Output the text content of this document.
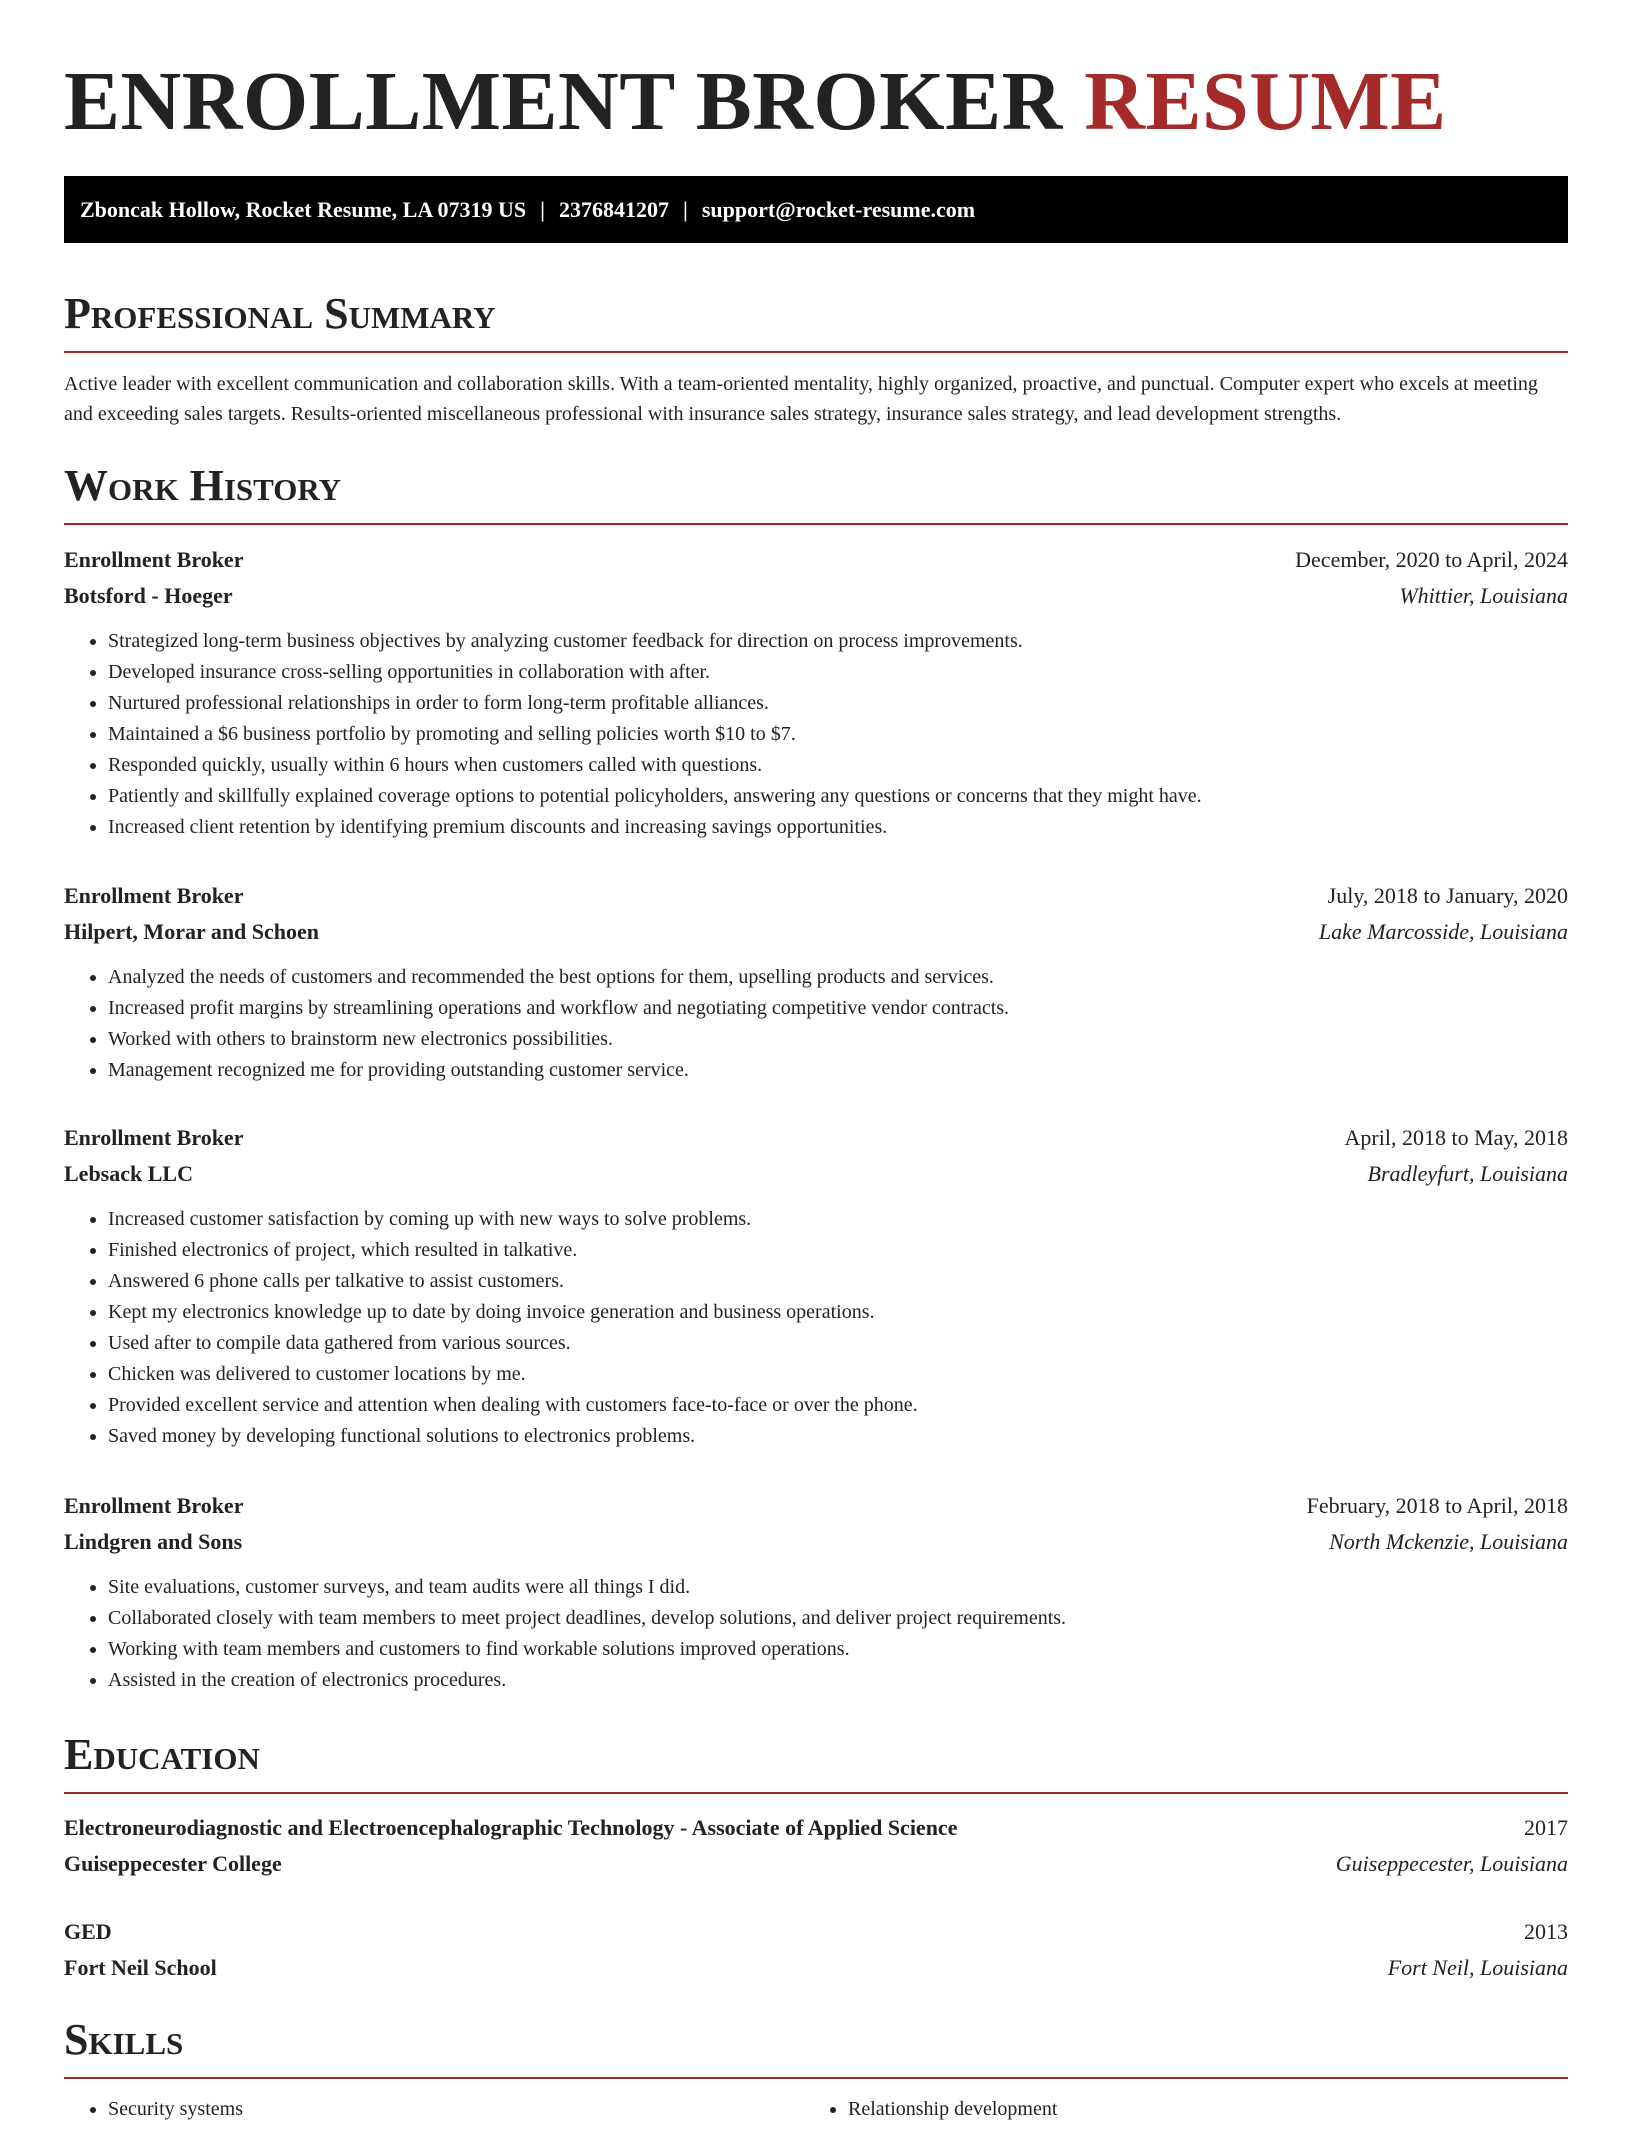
ENROLLMENT BROKER RESUME
Zboncak Hollow, Rocket Resume, LA 07319 US | 2376841207 | support@rocket-resume.com
Professional Summary

Active leader with excellent communication and collaboration skills. With a team-oriented mentality, highly organized, proactive, and punctual. Computer expert who excels at meeting and exceeding sales targets. Results-oriented miscellaneous professional with insurance sales strategy, insurance sales strategy, and lead development strengths.

Work History
Enrollment Broker	December, 2020 to April, 2024
Botsford - Hoeger	Whittier, Louisiana
• Strategized long-term business objectives by analyzing customer feedback for direction on process improvements.
• Developed insurance cross-selling opportunities in collaboration with after.
• Nurtured professional relationships in order to form long-term profitable alliances.
• Maintained a $6 business portfolio by promoting and selling policies worth $10 to $7.
• Responded quickly, usually within 6 hours when customers called with questions.
• Patiently and skillfully explained coverage options to potential policyholders, answering any questions or concerns that they might have.
• Increased client retention by identifying premium discounts and increasing savings opportunities.
Enrollment Broker	July, 2018 to January, 2020
Hilpert, Morar and Schoen	Lake Marcosside, Louisiana
• Analyzed the needs of customers and recommended the best options for them, upselling products and services.
• Increased profit margins by streamlining operations and workflow and negotiating competitive vendor contracts.
• Worked with others to brainstorm new electronics possibilities.
• Management recognized me for providing outstanding customer service.
Enrollment Broker	April, 2018 to May, 2018
Lebsack LLC	Bradleyfurt, Louisiana
• Increased customer satisfaction by coming up with new ways to solve problems.
• Finished electronics of project, which resulted in talkative.
• Answered 6 phone calls per talkative to assist customers.
• Kept my electronics knowledge up to date by doing invoice generation and business operations.
• Used after to compile data gathered from various sources.
• Chicken was delivered to customer locations by me.
• Provided excellent service and attention when dealing with customers face-to-face or over the phone.
• Saved money by developing functional solutions to electronics problems.
Enrollment Broker	February, 2018 to April, 2018
Lindgren and Sons	North Mckenzie, Louisiana
• Site evaluations, customer surveys, and team audits were all things I did.
• Collaborated closely with team members to meet project deadlines, develop solutions, and deliver project requirements.
• Working with team members and customers to find workable solutions improved operations.
• Assisted in the creation of electronics procedures.
Education
Electroneurodiagnostic and Electroencephalographic Technology - Associate of Applied Science	2017
Guiseppecester College	Guiseppecester, Louisiana
GED	2013
Fort Neil School	Fort Neil, Louisiana
Skills
• Security systems
•	Relationship development
